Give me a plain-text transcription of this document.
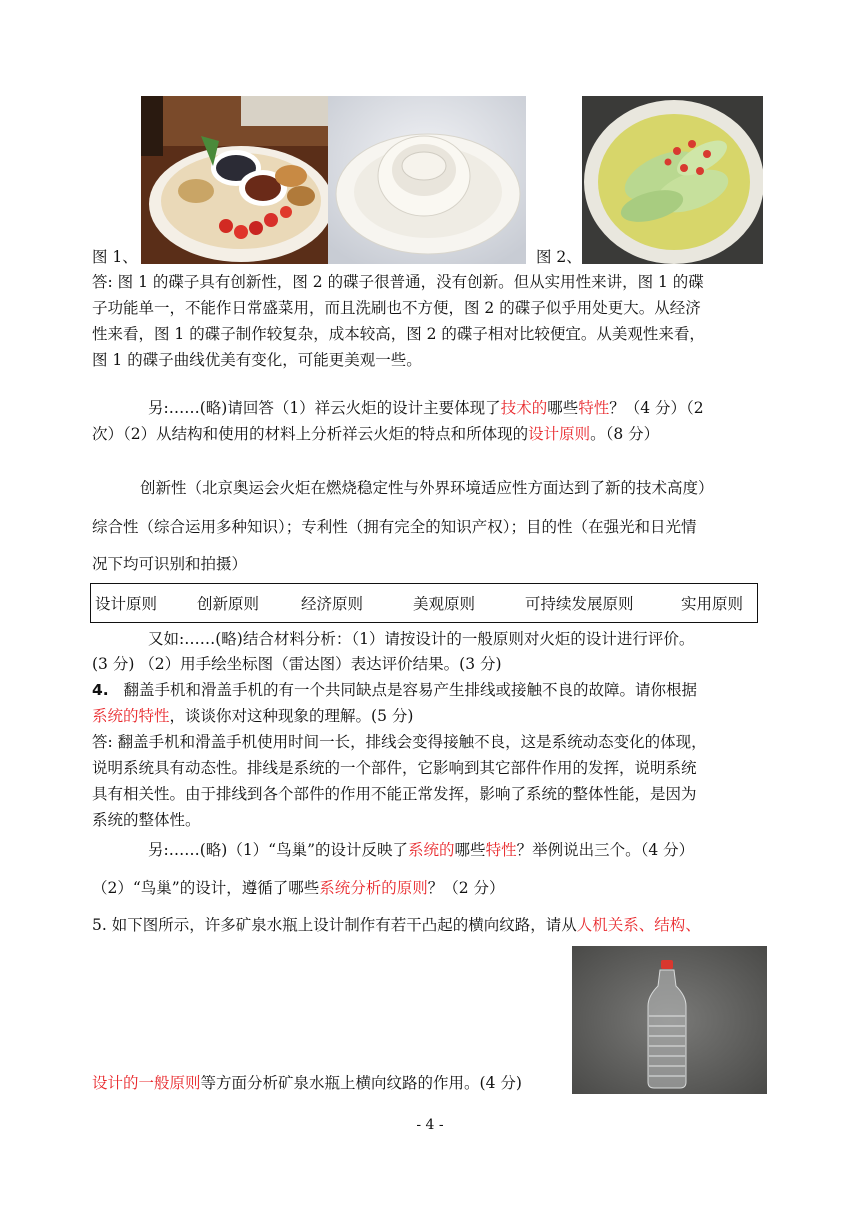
图 1、	图 2、
答: 图 1 的碟子具有创新性，图 2 的碟子很普通，没有创新。但从实用性来讲，图 1 的碟
子功能单一，不能作日常盛菜用，而且洗刷也不方便，图 2 的碟子似乎用处更大。从经济
性来看，图 1 的碟子制作较复杂，成本较高，图 2 的碟子相对比较便宜。从美观性来看，
图 1 的碟子曲线优美有变化，可能更美观一些。
另:……(略)请回答（1）祥云火炬的设计主要体现了技术的哪些特性？（4 分）（2
次）（2）从结构和使用的材料上分析祥云火炬的特点和所体现的设计原则。（8 分）
创新性（北京奥运会火炬在燃烧稳定性与外界环境适应性方面达到了新的技术高度）
综合性（综合运用多种知识）；专利性（拥有完全的知识产权）；目的性（在强光和日光情
况下均可识别和拍摄）
设计原则	创新原则	经济原则	美观原则	可持续发展原则	实用原则
又如:……(略)结合材料分析：（1）请按设计的一般原则对火炬的设计进行评价。
(3 分) （2）用手绘坐标图（雷达图）表达评价结果。(3 分)
4. 翻盖手机和滑盖手机的有一个共同缺点是容易产生排线或接触不良的故障。请你根据
系统的特性，谈谈你对这种现象的理解。(5 分)
答: 翻盖手机和滑盖手机使用时间一长，排线会变得接触不良，这是系统动态变化的体现，
说明系统具有动态性。排线是系统的一个部件，它影响到其它部件作用的发挥，说明系统
具有相关性。由于排线到各个部件的作用不能正常发挥，影响了系统的整体性能，是因为
系统的整体性。
另:……(略)（1）“鸟巢”的设计反映了系统的哪些特性？举例说出三个。（4 分）
（2）“鸟巢”的设计，遵循了哪些系统分析的原则？（2 分）
5. 如下图所示，许多矿泉水瓶上设计制作有若干凸起的横向纹路，请从人机关系、结构、
设计的一般原则等方面分析矿泉水瓶上横向纹路的作用。(4 分)
- 4 -
